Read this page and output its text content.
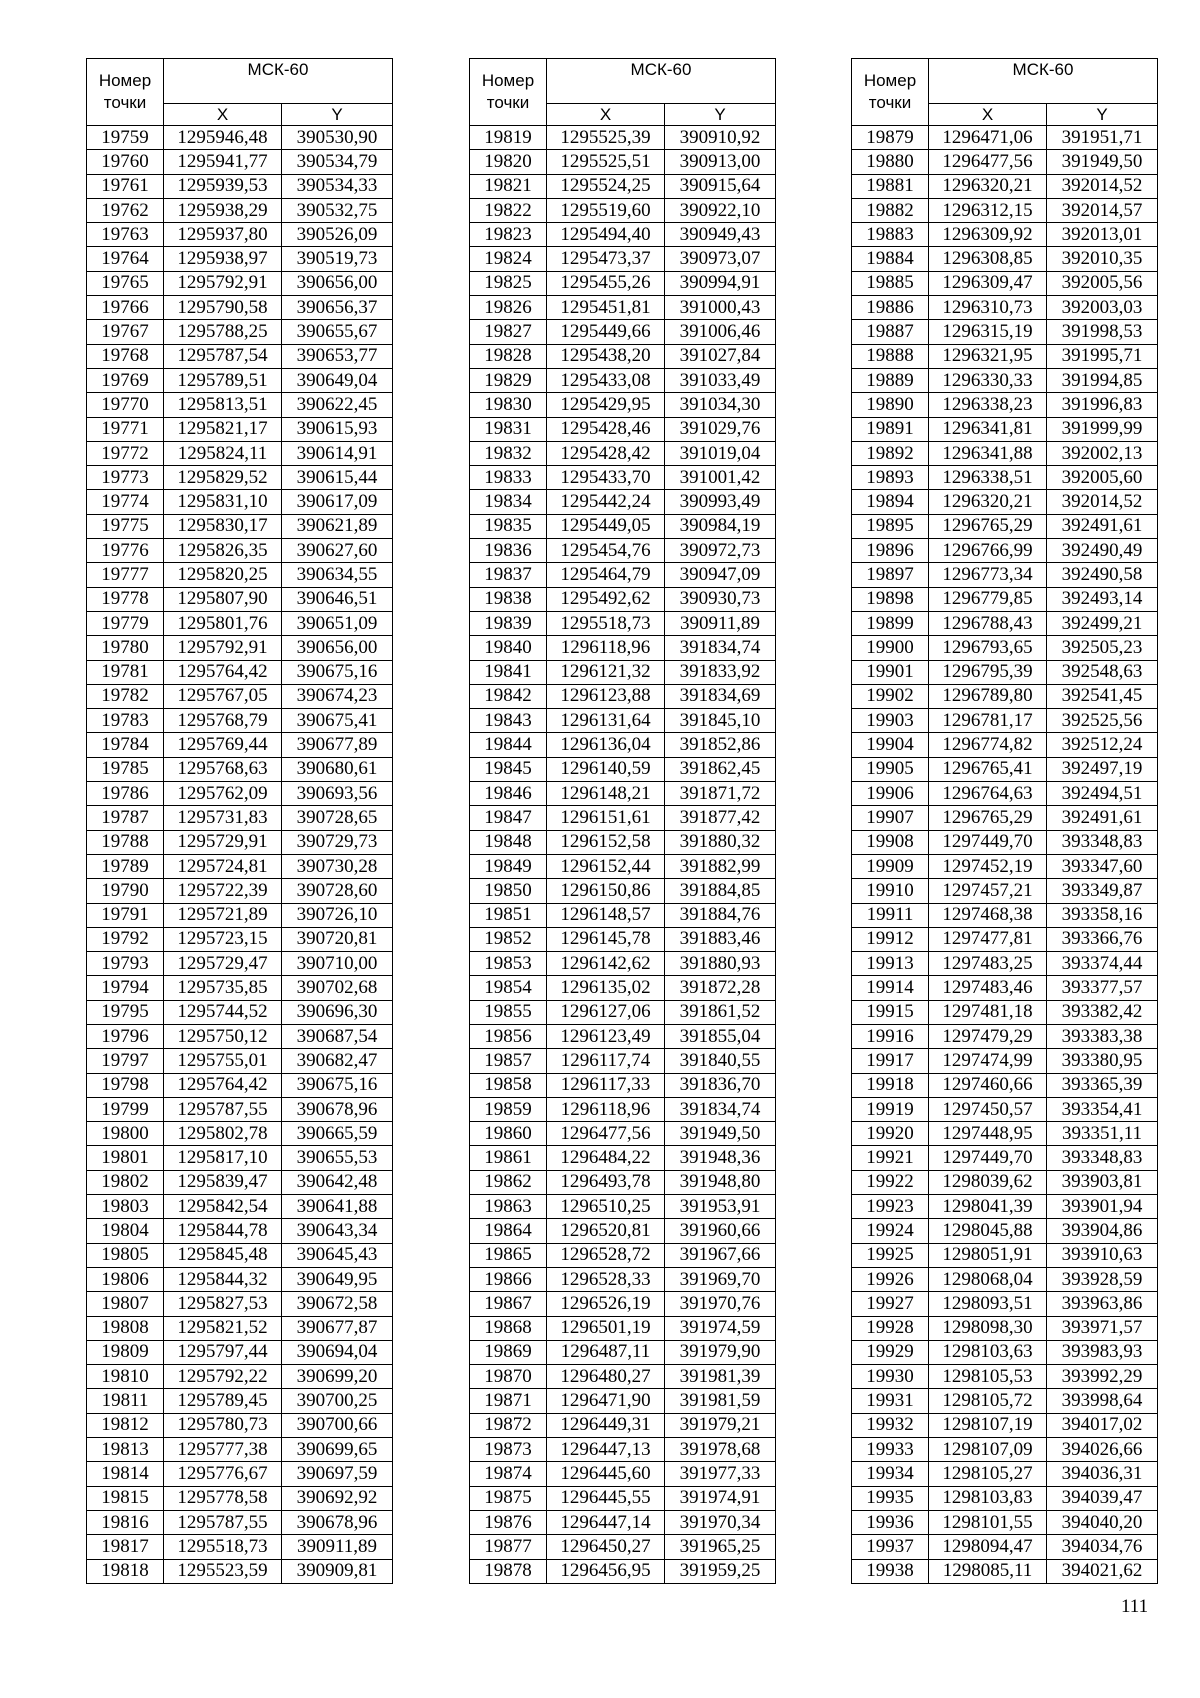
Номер точки	МСК-60	
	X	Y
19759	1295946,48	390530,90
19760	1295941,77	390534,79
19761	1295939,53	390534,33
19762	1295938,29	390532,75
19763	1295937,80	390526,09
19764	1295938,97	390519,73
19765	1295792,91	390656,00
19766	1295790,58	390656,37
19767	1295788,25	390655,67
19768	1295787,54	390653,77
19769	1295789,51	390649,04
19770	1295813,51	390622,45
19771	1295821,17	390615,93
19772	1295824,11	390614,91
19773	1295829,52	390615,44
19774	1295831,10	390617,09
19775	1295830,17	390621,89
19776	1295826,35	390627,60
19777	1295820,25	390634,55
19778	1295807,90	390646,51
19779	1295801,76	390651,09
19780	1295792,91	390656,00
19781	1295764,42	390675,16
19782	1295767,05	390674,23
19783	1295768,79	390675,41
19784	1295769,44	390677,89
19785	1295768,63	390680,61
19786	1295762,09	390693,56
19787	1295731,83	390728,65
19788	1295729,91	390729,73
19789	1295724,81	390730,28
19790	1295722,39	390728,60
19791	1295721,89	390726,10
19792	1295723,15	390720,81
19793	1295729,47	390710,00
19794	1295735,85	390702,68
19795	1295744,52	390696,30
19796	1295750,12	390687,54
19797	1295755,01	390682,47
19798	1295764,42	390675,16
19799	1295787,55	390678,96
19800	1295802,78	390665,59
19801	1295817,10	390655,53
19802	1295839,47	390642,48
19803	1295842,54	390641,88
19804	1295844,78	390643,34
19805	1295845,48	390645,43
19806	1295844,32	390649,95
19807	1295827,53	390672,58
19808	1295821,52	390677,87
19809	1295797,44	390694,04
19810	1295792,22	390699,20
19811	1295789,45	390700,25
19812	1295780,73	390700,66
19813	1295777,38	390699,65
19814	1295776,67	390697,59
19815	1295778,58	390692,92
19816	1295787,55	390678,96
19817	1295518,73	390911,89
19818	1295523,59	390909,81
Номер точки	МСК-60	
	X	Y
19819	1295525,39	390910,92
19820	1295525,51	390913,00
19821	1295524,25	390915,64
19822	1295519,60	390922,10
19823	1295494,40	390949,43
19824	1295473,37	390973,07
19825	1295455,26	390994,91
19826	1295451,81	391000,43
19827	1295449,66	391006,46
19828	1295438,20	391027,84
19829	1295433,08	391033,49
19830	1295429,95	391034,30
19831	1295428,46	391029,76
19832	1295428,42	391019,04
19833	1295433,70	391001,42
19834	1295442,24	390993,49
19835	1295449,05	390984,19
19836	1295454,76	390972,73
19837	1295464,79	390947,09
19838	1295492,62	390930,73
19839	1295518,73	390911,89
19840	1296118,96	391834,74
19841	1296121,32	391833,92
19842	1296123,88	391834,69
19843	1296131,64	391845,10
19844	1296136,04	391852,86
19845	1296140,59	391862,45
19846	1296148,21	391871,72
19847	1296151,61	391877,42
19848	1296152,58	391880,32
19849	1296152,44	391882,99
19850	1296150,86	391884,85
19851	1296148,57	391884,76
19852	1296145,78	391883,46
19853	1296142,62	391880,93
19854	1296135,02	391872,28
19855	1296127,06	391861,52
19856	1296123,49	391855,04
19857	1296117,74	391840,55
19858	1296117,33	391836,70
19859	1296118,96	391834,74
19860	1296477,56	391949,50
19861	1296484,22	391948,36
19862	1296493,78	391948,80
19863	1296510,25	391953,91
19864	1296520,81	391960,66
19865	1296528,72	391967,66
19866	1296528,33	391969,70
19867	1296526,19	391970,76
19868	1296501,19	391974,59
19869	1296487,11	391979,90
19870	1296480,27	391981,39
19871	1296471,90	391981,59
19872	1296449,31	391979,21
19873	1296447,13	391978,68
19874	1296445,60	391977,33
19875	1296445,55	391974,91
19876	1296447,14	391970,34
19877	1296450,27	391965,25
19878	1296456,95	391959,25
Номер точки	МСК-60	
	X	Y
19879	1296471,06	391951,71
19880	1296477,56	391949,50
19881	1296320,21	392014,52
19882	1296312,15	392014,57
19883	1296309,92	392013,01
19884	1296308,85	392010,35
19885	1296309,47	392005,56
19886	1296310,73	392003,03
19887	1296315,19	391998,53
19888	1296321,95	391995,71
19889	1296330,33	391994,85
19890	1296338,23	391996,83
19891	1296341,81	391999,99
19892	1296341,88	392002,13
19893	1296338,51	392005,60
19894	1296320,21	392014,52
19895	1296765,29	392491,61
19896	1296766,99	392490,49
19897	1296773,34	392490,58
19898	1296779,85	392493,14
19899	1296788,43	392499,21
19900	1296793,65	392505,23
19901	1296795,39	392548,63
19902	1296789,80	392541,45
19903	1296781,17	392525,56
19904	1296774,82	392512,24
19905	1296765,41	392497,19
19906	1296764,63	392494,51
19907	1296765,29	392491,61
19908	1297449,70	393348,83
19909	1297452,19	393347,60
19910	1297457,21	393349,87
19911	1297468,38	393358,16
19912	1297477,81	393366,76
19913	1297483,25	393374,44
19914	1297483,46	393377,57
19915	1297481,18	393382,42
19916	1297479,29	393383,38
19917	1297474,99	393380,95
19918	1297460,66	393365,39
19919	1297450,57	393354,41
19920	1297448,95	393351,11
19921	1297449,70	393348,83
19922	1298039,62	393903,81
19923	1298041,39	393901,94
19924	1298045,88	393904,86
19925	1298051,91	393910,63
19926	1298068,04	393928,59
19927	1298093,51	393963,86
19928	1298098,30	393971,57
19929	1298103,63	393983,93
19930	1298105,53	393992,29
19931	1298105,72	393998,64
19932	1298107,19	394017,02
19933	1298107,09	394026,66
19934	1298105,27	394036,31
19935	1298103,83	394039,47
19936	1298101,55	394040,20
19937	1298094,47	394034,76
19938	1298085,11	394021,62
111
